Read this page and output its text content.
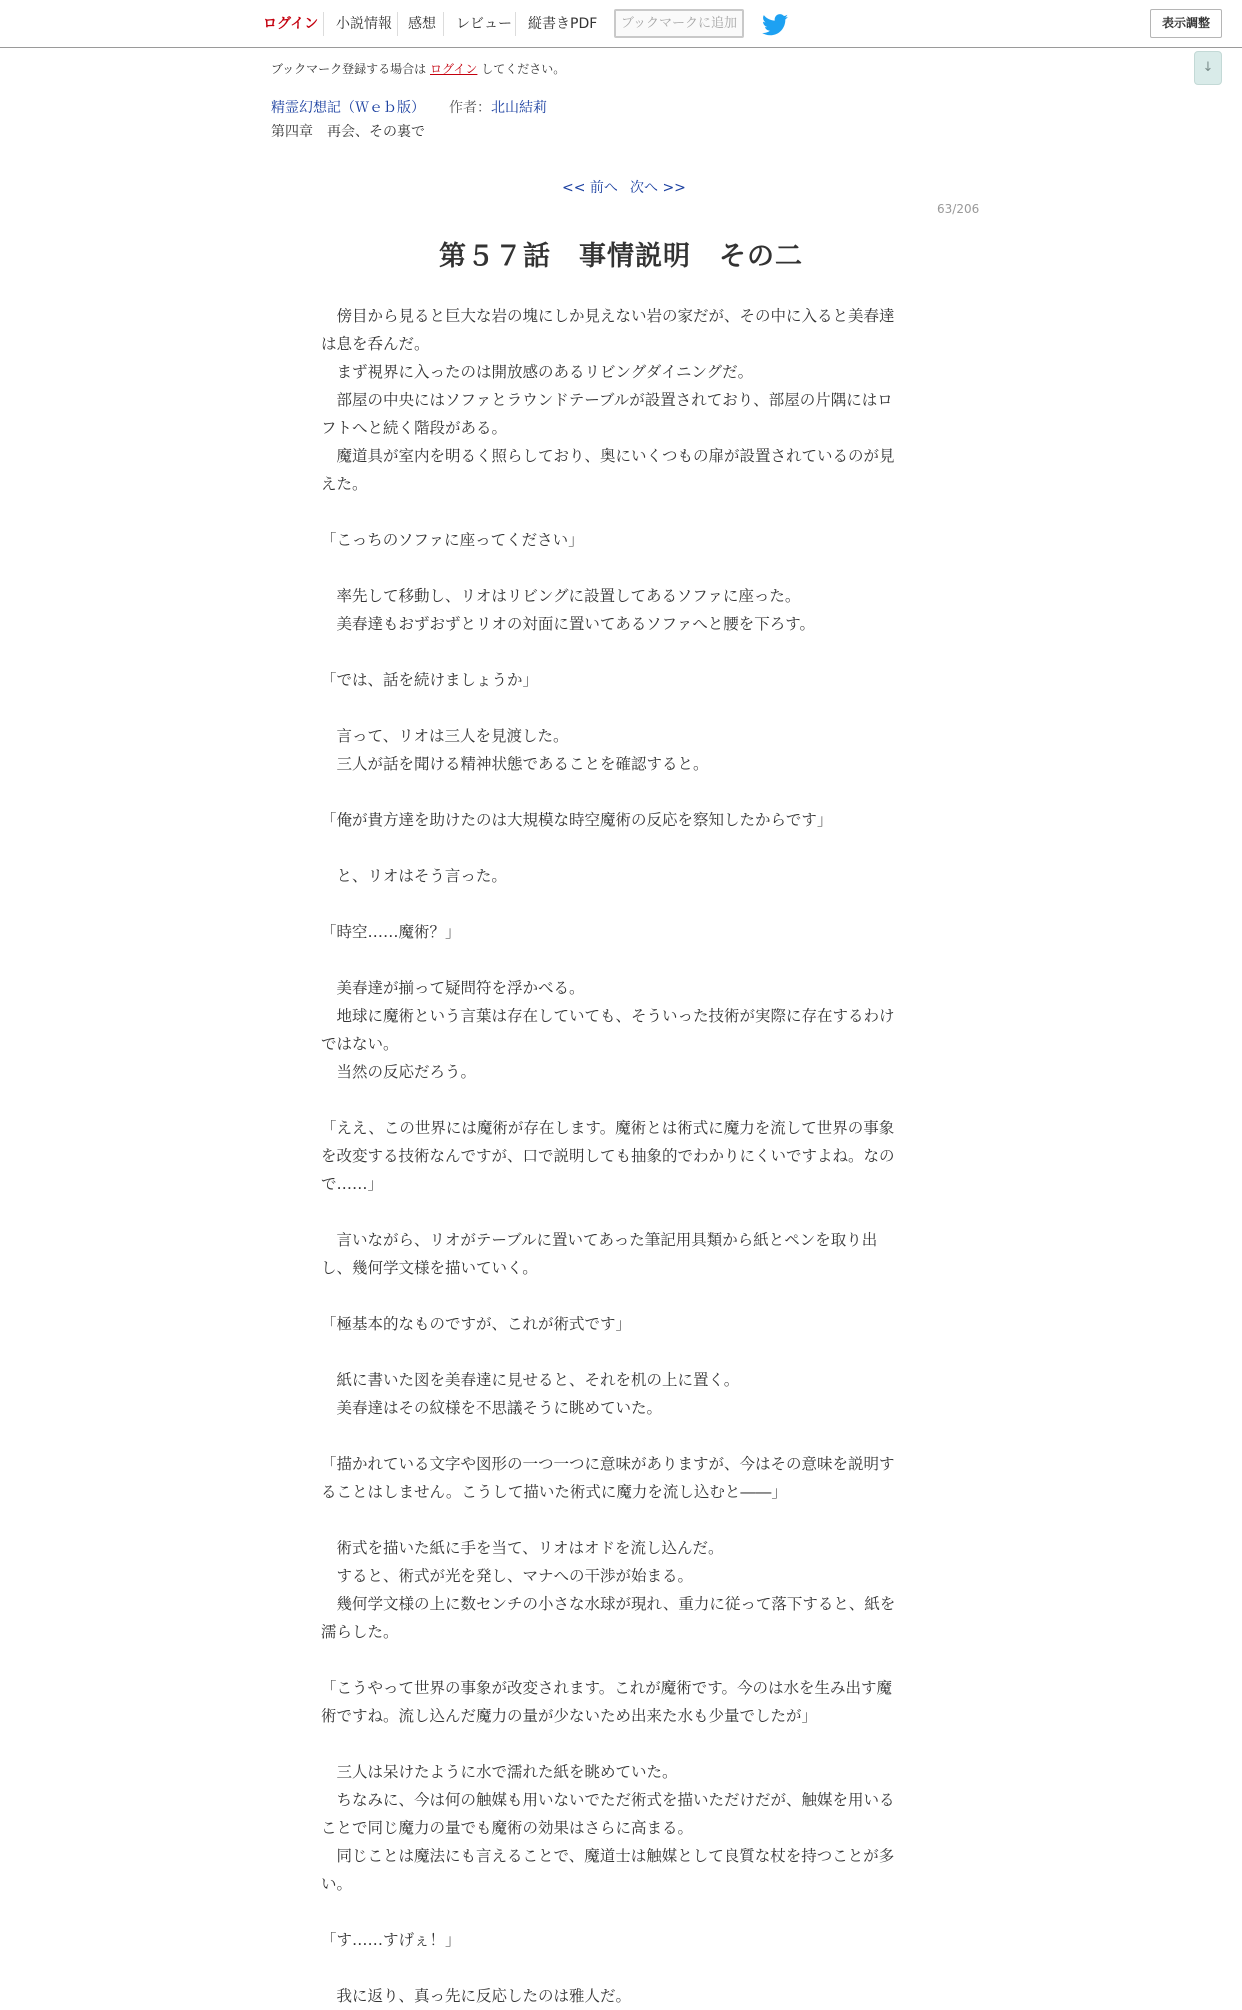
ログイン 小説情報 感想 レビュー 縦書きPDF	ブックマークに追加	表示調整
↓
ブックマーク登録する場合は ログイン してください。
精霊幻想記（Ｗｅｂ版） 作者： 北山結莉
第四章　再会、その裏で
<< 前へ 次へ >>
63/206
第５７話　事情説明　その二
　傍目から見ると巨大な岩の塊にしか見えない岩の家だが、その中に入ると美春達
は息を呑んだ。
　まず視界に入ったのは開放感のあるリビングダイニングだ。
　部屋の中央にはソファとラウンドテーブルが設置されており、部屋の片隅にはロ
フトへと続く階段がある。
　魔道具が室内を明るく照らしており、奥にいくつもの扉が設置されているのが見
えた。
「こっちのソファに座ってください」
　率先して移動し、リオはリビングに設置してあるソファに座った。
　美春達もおずおずとリオの対面に置いてあるソファへと腰を下ろす。
「では、話を続けましょうか」
　言って、リオは三人を見渡した。
　三人が話を聞ける精神状態であることを確認すると。
「俺が貴方達を助けたのは大規模な時空魔術の反応を察知したからです」
　と、リオはそう言った。
「時空……魔術？」
　美春達が揃って疑問符を浮かべる。
　地球に魔術という言葉は存在していても、そういった技術が実際に存在するわけ
ではない。
　当然の反応だろう。
「ええ、この世界には魔術が存在します。魔術とは術式に魔力を流して世界の事象
を改変する技術なんですが、口で説明しても抽象的でわかりにくいですよね。なの
で……」
　言いながら、リオがテーブルに置いてあった筆記用具類から紙とペンを取り出
し、幾何学文様を描いていく。
「極基本的なものですが、これが術式です」
　紙に書いた図を美春達に見せると、それを机の上に置く。
　美春達はその紋様を不思議そうに眺めていた。
「描かれている文字や図形の一つ一つに意味がありますが、今はその意味を説明す
ることはしません。こうして描いた術式に魔力を流し込むと――」
　術式を描いた紙に手を当て、リオはオドを流し込んだ。
　すると、術式が光を発し、マナへの干渉が始まる。
　幾何学文様の上に数センチの小さな水球が現れ、重力に従って落下すると、紙を
濡らした。
「こうやって世界の事象が改変されます。これが魔術です。今のは水を生み出す魔
術ですね。流し込んだ魔力の量が少ないため出来た水も少量でしたが」
　三人は呆けたように水で濡れた紙を眺めていた。
　ちなみに、今は何の触媒も用いないでただ術式を描いただけだが、触媒を用いる
ことで同じ魔力の量でも魔術の効果はさらに高まる。
　同じことは魔法にも言えることで、魔道士は触媒として良質な杖を持つことが多
い。
「す……すげぇ！」
　我に返り、真っ先に反応したのは雅人だ。
